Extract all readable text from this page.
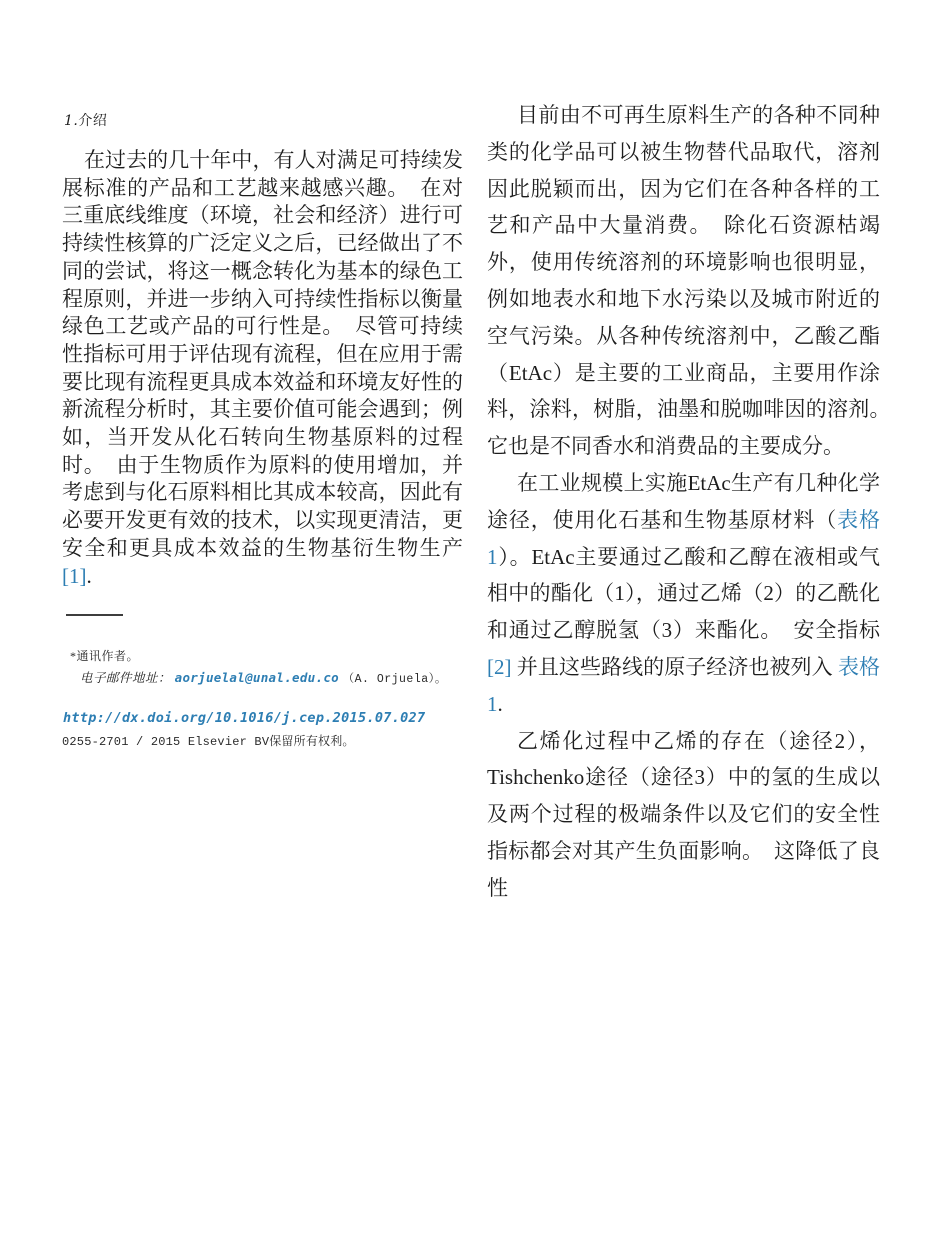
1.介绍
在过去的几十年中，有人对满足可持续发展标准的产品和工艺越来越感兴趣。　在对三重底线维度（环境，社会和经济）进行可持续性核算的广泛定义之后，已经做出了不同的尝试，将这一概念转化为基本的绿色工程原则，并进一步纳入可持续性指标以衡量绿色工艺或产品的可行性是。　尽管可持续性指标可用于评估现有流程，但在应用于需要比现有流程更具成本效益和环境友好性的新流程分析时，其主要价值可能会遇到；例如，当开发从化石转向生物基原料的过程时。　由于生物质作为原料的使用增加，并考虑到与化石原料相比其成本较高，因此有必要开发更有效的技术，以实现更清洁，更安全和更具成本效益的生物基衍生物生产[1].
*通讯作者。
电子邮件地址： aorjuelal@unal.edu.co （A. Orjuela）。
http://dx.doi.org/10.1016/j.cep.2015.07.027
0255-2701 / 2015 Elsevier BV保留所有权利。

目前由不可再生原料生产的各种不同种类的化学品可以被生物替代品取代，溶剂因此脱颖而出，因为它们在各种各样的工艺和产品中大量消费。　除化石资源枯竭外，使用传统溶剂的环境影响也很明显，例如地表水和地下水污染以及城市附近的空气污染。从各种传统溶剂中，乙酸乙酯（EtAc）是主要的工业商品，主要用作涂料，涂料，树脂，油墨和脱咖啡因的溶剂。　它也是不同香水和消费品的主要成分。

在工业规模上实施EtAc生产有几种化学途径，使用化石基和生物基原材料（表格1）。EtAc主要通过乙酸和乙醇在液相或气相中的酯化（1），通过乙烯（2）的乙酰化和通过乙醇脱氢（3）来酯化。　安全指标 [2] 并且这些路线的原子经济也被列入 表格1.

乙烯化过程中乙烯的存在（途径2），Tishchenko途径（途径3）中的氢的生成以及两个过程的极端条件以及它们的安全性指标都会对其产生负面影响。　这降低了良性
